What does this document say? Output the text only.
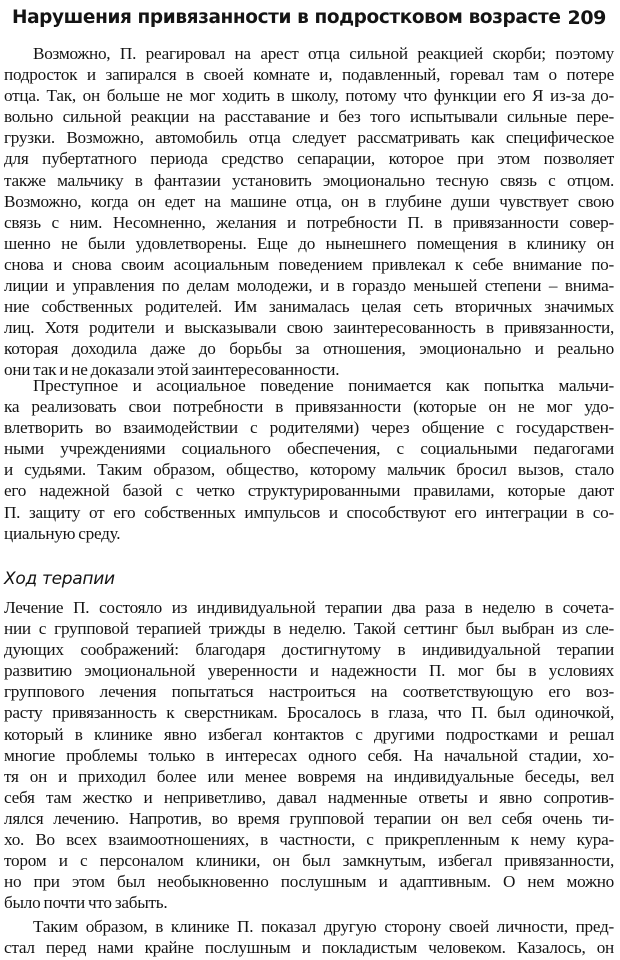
Нарушения привязанности в подростковом возрасте 209
Возможно, П. реагировал на арест отца сильной реакцией скорби; поэтому
подросток и запирался в своей комнате и, подавленный, горевал там о потере
отца. Так, он больше не мог ходить в школу, потому что функции его Я из-за до-
вольно сильной реакции на расставание и без того испытывали сильные пере-
грузки. Возможно, автомобиль отца следует рассматривать как специфическое
для пубертатного периода средство сепарации, которое при этом позволяет
также мальчику в фантазии установить эмоционально тесную связь с отцом.
Возможно, когда он едет на машине отца, он в глубине души чувствует свою
связь с ним. Несомненно, желания и потребности П. в привязанности совер-
шенно не были удовлетворены. Еще до нынешнего помещения в клинику он
снова и снова своим асоциальным поведением привлекал к себе внимание по-
лиции и управления по делам молодежи, и в гораздо меньшей степени – внима-
ние собственных родителей. Им занималась целая сеть вторичных значимых
лиц. Хотя родители и высказывали свою заинтересованность в привязанности,
которая доходила даже до борьбы за отношения, эмоционально и реально
они так и не доказали этой заинтересованности.
Преступное и асоциальное поведение понимается как попытка мальчи-
ка реализовать свои потребности в привязанности (которые он не мог удо-
влетворить во взаимодействии с родителями) через общение с государствен-
ными учреждениями социального обеспечения, с социальными педагогами
и судьями. Таким образом, общество, которому мальчик бросил вызов, стало
его надежной базой с четко структурированными правилами, которые дают
П. защиту от его собственных импульсов и способствуют его интеграции в со-
циальную среду.
Ход терапии
Лечение П. состояло из индивидуальной терапии два раза в неделю в сочета-
нии с групповой терапией трижды в неделю. Такой сеттинг был выбран из сле-
дующих соображений: благодаря достигнутому в индивидуальной терапии
развитию эмоциональной уверенности и надежности П. мог бы в условиях
группового лечения попытаться настроиться на соответствующую его воз-
расту привязанность к сверстникам. Бросалось в глаза, что П. был одиночкой,
который в клинике явно избегал контактов с другими подростками и решал
многие проблемы только в интересах одного себя. На начальной стадии, хо-
тя он и приходил более или менее вовремя на индивидуальные беседы, вел
себя там жестко и неприветливо, давал надменные ответы и явно сопротив-
лялся лечению. Напротив, во время групповой терапии он вел себя очень ти-
хо. Во всех взаимоотношениях, в частности, с прикрепленным к нему кура-
тором и с персоналом клиники, он был замкнутым, избегал привязанности,
но при этом был необыкновенно послушным и адаптивным. О нем можно
было почти что забыть.
Таким образом, в клинике П. показал другую сторону своей личности, пред-
стал перед нами крайне послушным и покладистым человеком. Казалось, он
